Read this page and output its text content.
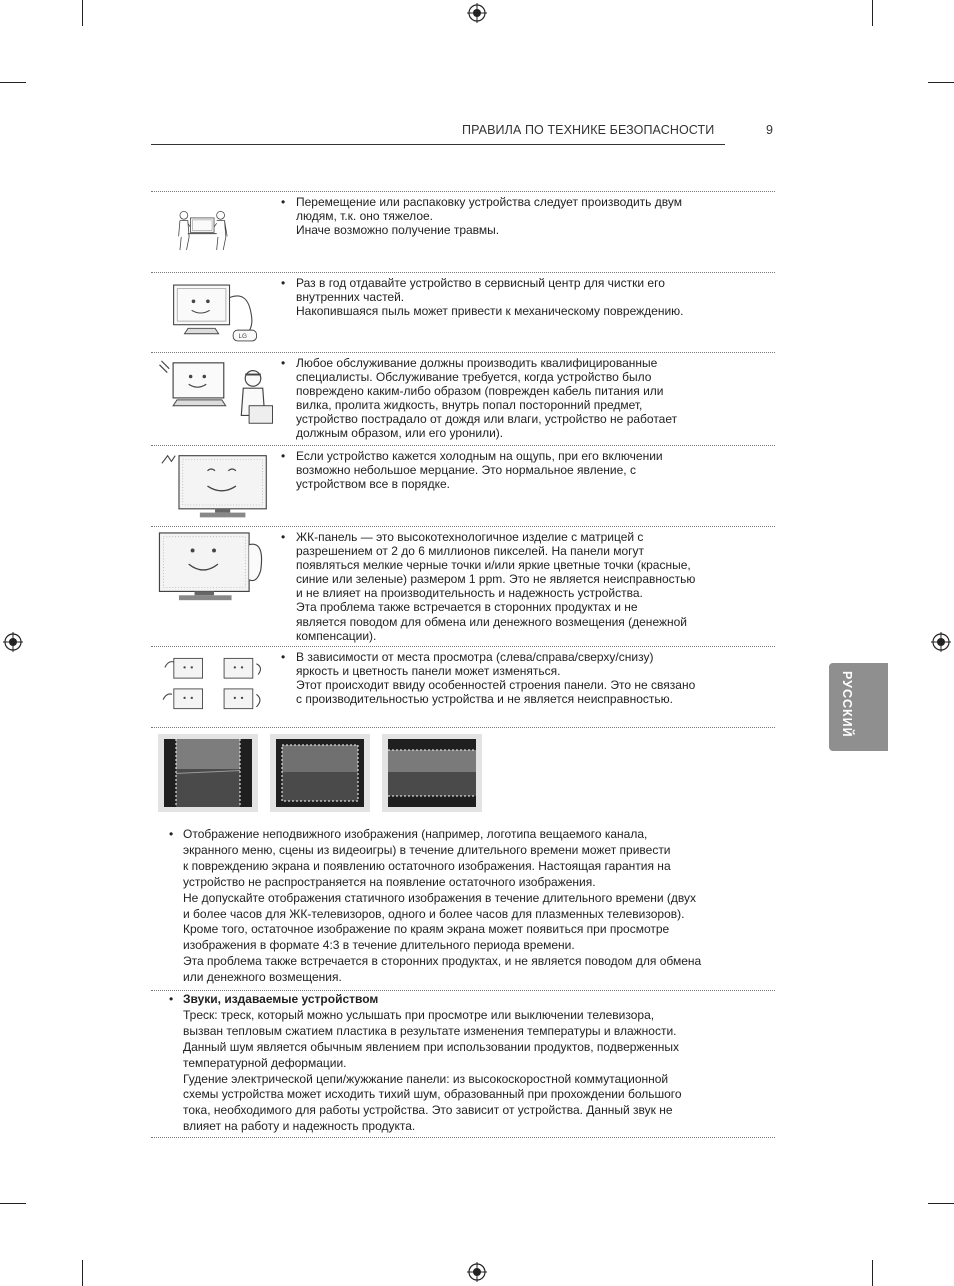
ПРАВИЛА ПО ТЕХНИКЕ БЕЗОПАСНОСТИ	9
РУССКИЙ
• Перемещение или распаковку устройства следует производить двум

людям, т.к. оно тяжелое.

Иначе возможно получение травмы.

LG
• Раз в год отдавайте устройство в сервисный центр для чистки его

внутренних частей.

Накопившаяся пыль может привести к механическому повреждению.

• Любое обслуживание должны производить квалифицированные

специалисты. Обслуживание требуется, когда устройство было

повреждено каким-либо образом (поврежден кабель питания или

вилка, пролита жидкость, внутрь попал посторонний предмет,

устройство пострадало от дождя или влаги, устройство не работает

должным образом, или его уронили).

• Если устройство кажется холодным на ощупь, при его включении

возможно небольшое мерцание. Это нормальное явление, с

устройством все в порядке.

• ЖК-панель — это высокотехнологичное изделие с матрицей с

разрешением от 2 до 6 миллионов пикселей. На панели могут

появляться мелкие черные точки и/или яркие цветные точки (красные,

синие или зеленые) размером 1 ppm. Это не является неисправностью

и не влияет на производительность и надежность устройства.

Эта проблема также встречается в сторонних продуктах и не

является поводом для обмена или денежного возмещения (денежной

компенсации).

• В зависимости от места просмотра (слева/справа/сверху/снизу)

яркость и цветность панели может изменяться.

Этот происходит ввиду особенностей строения панели. Это не связано

с производительностью устройства и не является неисправностью.

• Отображение неподвижного изображения (например, логотипа вещаемого канала,

экранного меню, сцены из видеоигры) в течение длительного времени может привести

к повреждению экрана и появлению остаточного изображения. Настоящая гарантия на

устройство не распространяется на появление остаточного изображения.

Не допускайте отображения статичного изображения в течение длительного времени (двух

и более часов для ЖК-телевизоров, одного и более часов для плазменных телевизоров).

Кроме того, остаточное изображение по краям экрана может появиться при просмотре

изображения в формате 4:3 в течение длительного периода времени.

Эта проблема также встречается в сторонних продуктах, и не является поводом для обмена

или денежного возмещения.

• Звуки, издаваемые устройством

Треск: треск, который можно услышать при просмотре или выключении телевизора,

вызван тепловым сжатием пластика в результате изменения температуры и влажности.

Данный шум является обычным явлением при использовании продуктов, подверженных

температурной деформации.

Гудение электрической цепи/жужжание панели: из высокоскоростной коммутационной

схемы устройства может исходить тихий шум, образованный при прохождении большого

тока, необходимого для работы устройства. Это зависит от устройства. Данный звук не

влияет на работу и надежность продукта.
